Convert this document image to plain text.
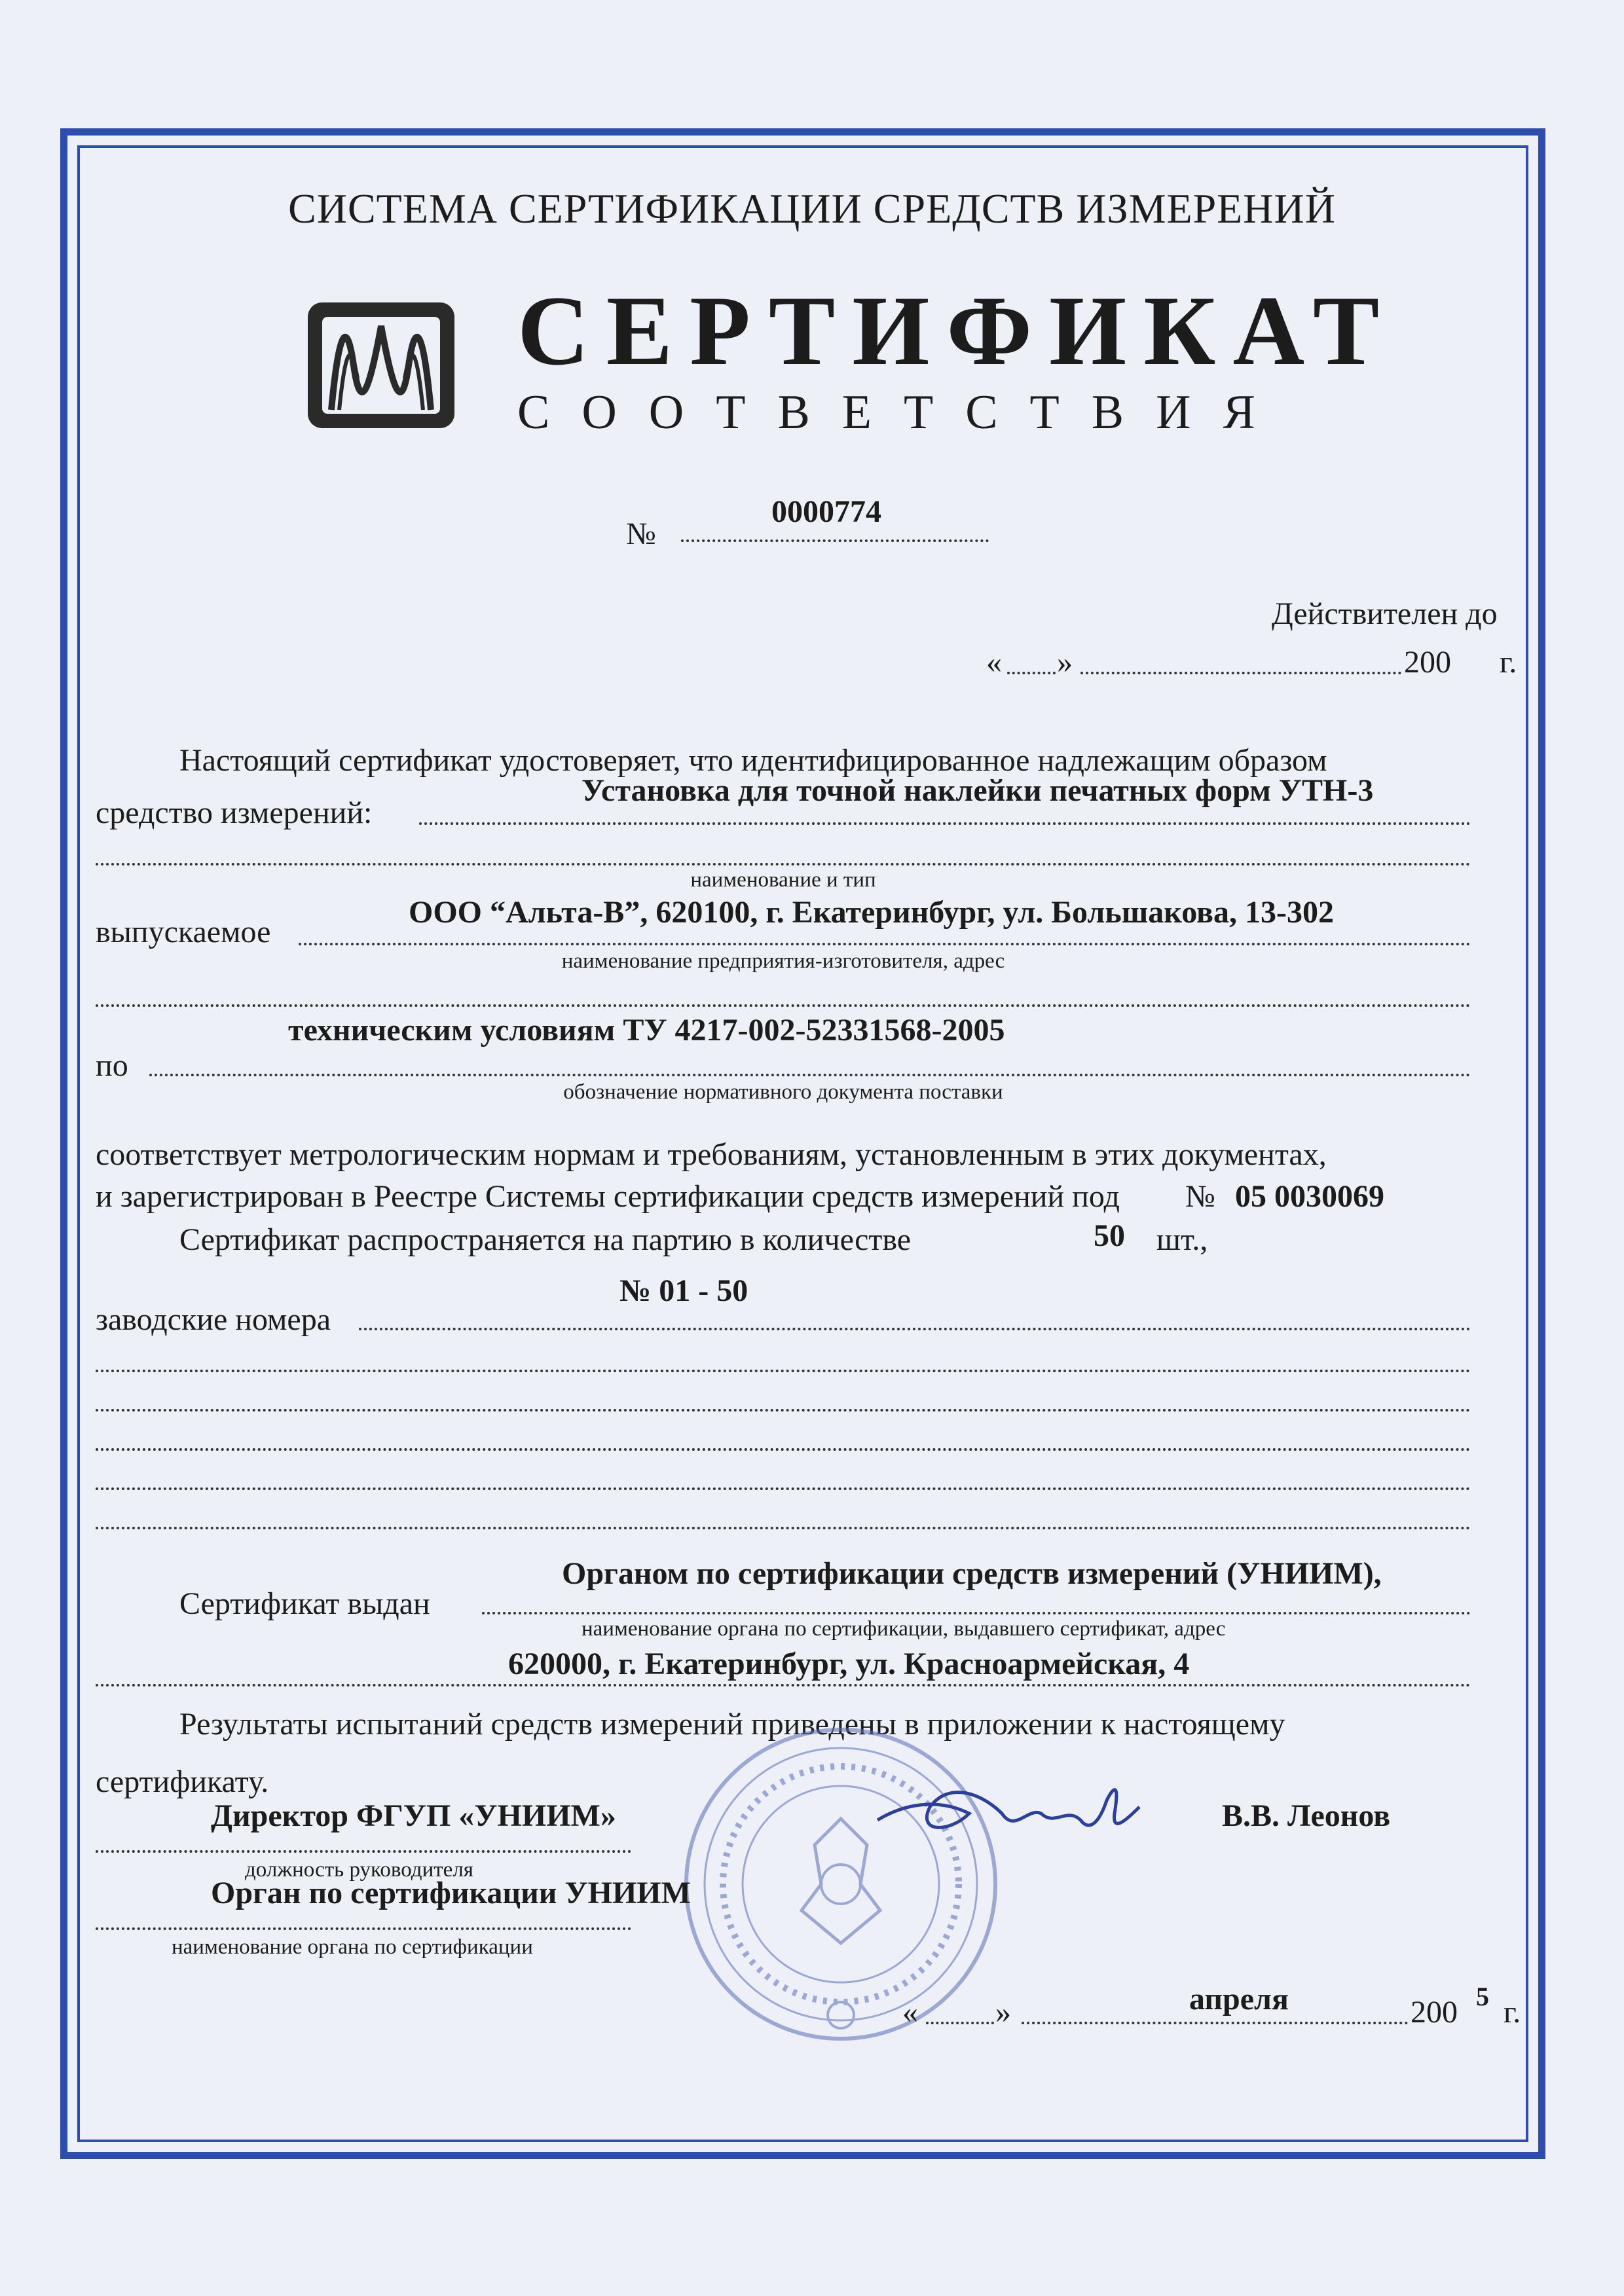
СИСТЕМА СЕРТИФИКАЦИИ СРЕДСТВ ИЗМЕРЕНИЙ
СЕРТИФИКАТ
СООТВЕТСТВИЯ
№
0000774
Действителен до
« »	200 г.
Настоящий сертификат удостоверяет, что идентифицированное надлежащим образом
средство измерений:
Установка для точной наклейки печатных форм УТН-3
наименование и тип
выпускаемое
ООО “Альта-В”, 620100, г. Екатеринбург, ул. Большакова, 13-302
наименование предприятия-изготовителя, адрес
техническим условиям ТУ 4217-002-52331568-2005
по
обозначение нормативного документа поставки
соответствует метрологическим нормам и требованиям, установленным в этих документах,
и зарегистрирован в Реестре Системы сертификации средств измерений под № 05 0030069
Сертификат распространяется на партию в количестве	50 шт.,
№ 01 - 50
заводские номера
Органом по сертификации средств измерений (УНИИМ),
Сертификат выдан
наименование органа по сертификации, выдавшего сертификат, адрес
620000, г. Екатеринбург, ул. Красноармейская, 4
Результаты испытаний средств измерений приведены в приложении к настоящему
сертификату.
Директор ФГУП «УНИИМ»
должность руководителя
В.В. Леонов
Орган по сертификации УНИИМ
наименование органа по сертификации
« »	апреля	200 5 г.
